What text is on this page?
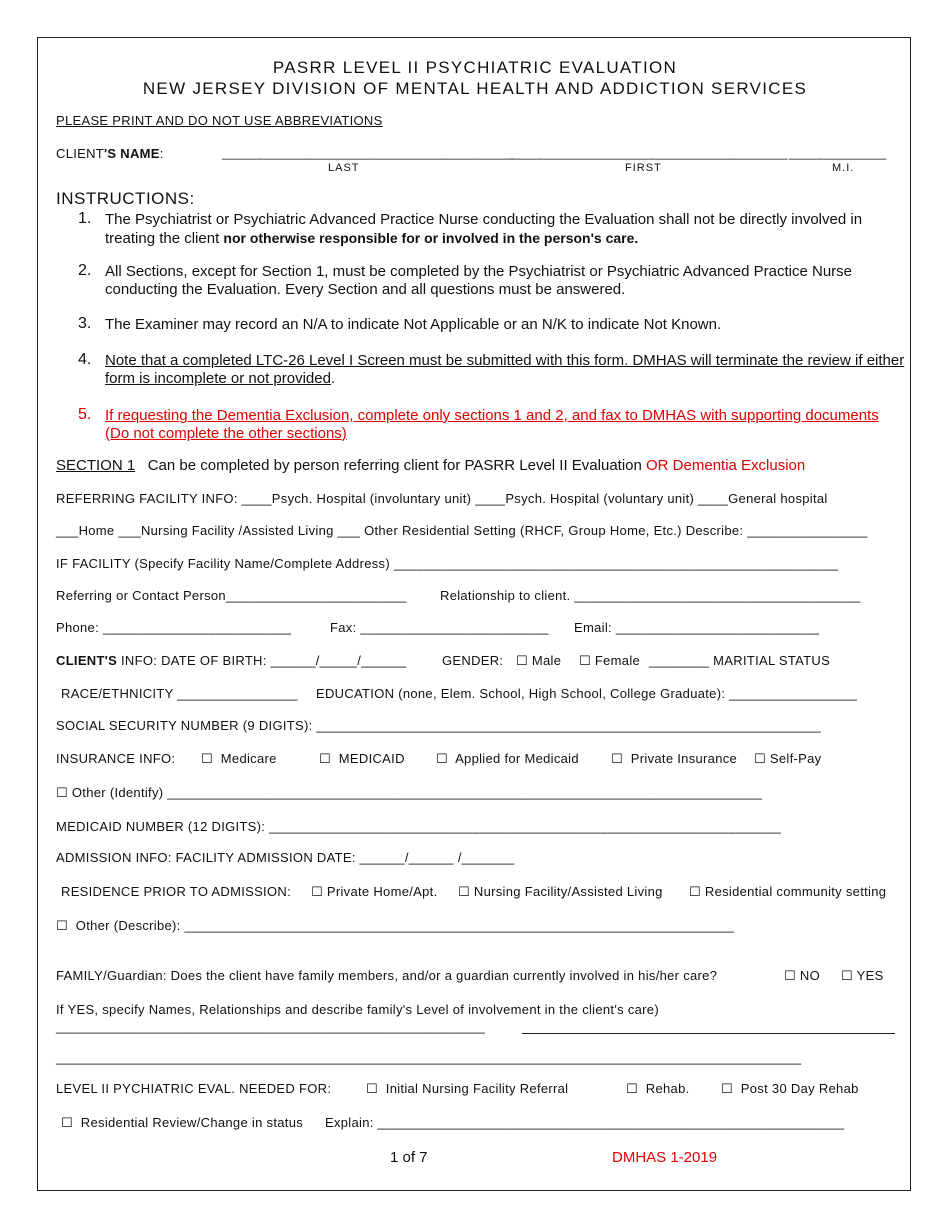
PASRR LEVEL II PSYCHIATRIC EVALUATION
NEW JERSEY DIVISION OF MENTAL HEALTH AND ADDICTION SERVICES
PLEASE PRINT AND DO NOT USE ABBREVIATIONS
CLIENT'S NAME:	__________________________________________
________________________________________ ______________
LAST	FIRST	M.I.
INSTRUCTIONS:
1. The Psychiatrist or Psychiatric Advanced Practice Nurse conducting the Evaluation shall not be directly involved in treating the client nor otherwise responsible for or involved in the person's care.
2. All Sections, except for Section 1, must be completed by the Psychiatrist or Psychiatric Advanced Practice Nurse conducting the Evaluation. Every Section and all questions must be answered.
3. The Examiner may record an N/A to indicate Not Applicable or an N/K to indicate Not Known.
4. Note that a completed LTC-26 Level I Screen must be submitted with this form. DMHAS will terminate the review if either form is incomplete or not provided.
5. If requesting the Dementia Exclusion, complete only sections 1 and 2, and fax to DMHAS with supporting documents (Do not complete the other sections)
SECTION 1 Can be completed by person referring client for PASRR Level II Evaluation OR Dementia Exclusion
REFERRING FACILITY INFO: ____Psych. Hospital (involuntary unit) ____Psych. Hospital (voluntary unit) ____General hospital
___Home ___Nursing Facility /Assisted Living ___ Other Residential Setting (RHCF, Group Home, Etc.) Describe: ________________
IF FACILITY (Specify Facility Name/Complete Address) ___________________________________________________________
Referring or Contact Person________________________	Relationship to client. ______________________________________
Phone: _________________________	Fax: _________________________ Email: ___________________________
CLIENT'S INFO: DATE OF BIRTH: ______/_____/______	GENDER: ☐ Male ☐ Female ________ MARITIAL STATUS
RACE/ETHNICITY ________________ EDUCATION (none, Elem. School, High School, College Graduate): _________________
SOCIAL SECURITY NUMBER (9 DIGITS): ___________________________________________________________________
INSURANCE INFO: ☐ Medicare	☐ MEDICAID ☐ Applied for Medicaid ☐ Private Insurance ☐ Self-Pay
☐ Other (Identify) _______________________________________________________________________________
MEDICAID NUMBER (12 DIGITS): ____________________________________________________________________
ADMISSION INFO: FACILITY ADMISSION DATE: ______/______ /_______
RESIDENCE PRIOR TO ADMISSION: ☐ Private Home/Apt. ☐ Nursing Facility/Assisted Living ☐ Residential community setting
☐ Other (Describe): _________________________________________________________________________
FAMILY/Guardian: Does the client have family members, and/or a guardian currently involved in his/her care?	☐ NO ☐ YES
If YES, specify Names, Relationships and describe family's Level of involvement in the client's care)
_________________________________________________________
___________________________________________________________________________________________________
LEVEL II PYCHIATRIC EVAL. NEEDED FOR:	☐ Initial Nursing Facility Referral	☐ Rehab. ☐ Post 30 Day Rehab
☐ Residential Review/Change in status Explain: ______________________________________________________________
1 of 7	DMHAS 1-2019
